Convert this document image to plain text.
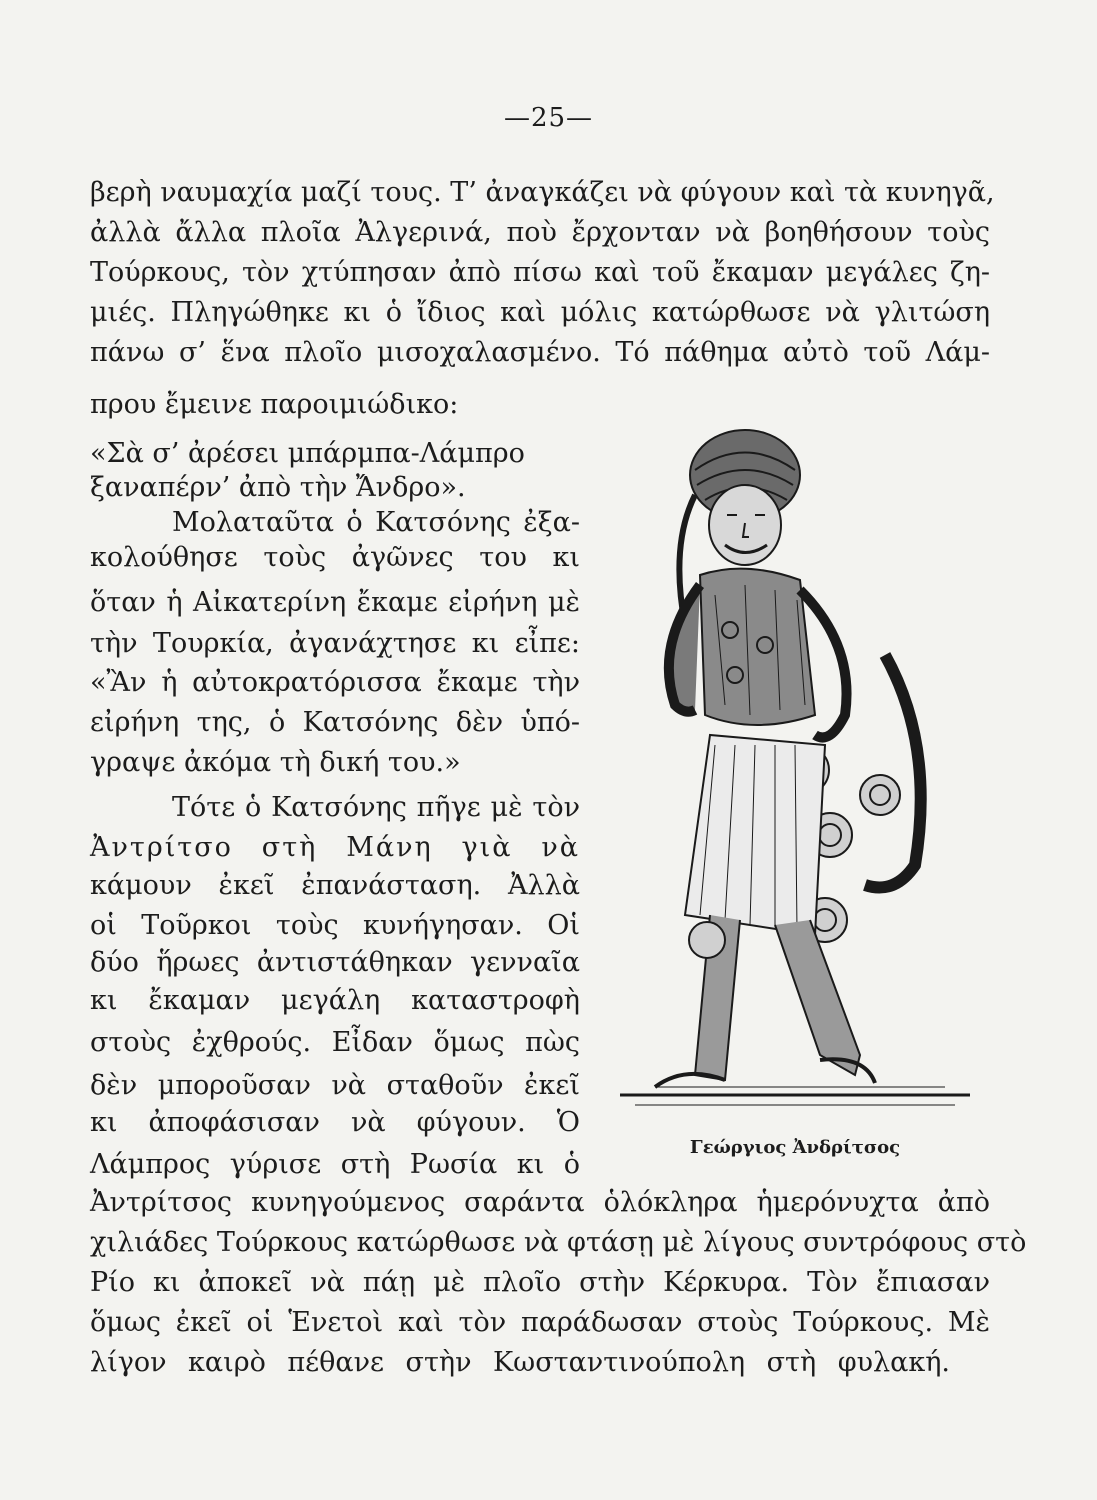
—25—
βερὴ ναυμαχία μαζί τους. Τ’ ἀναγκάζει νὰ φύγουν καὶ τὰ κυνηγᾶ,
ἀλλὰ ἄλλα πλοῖα Ἀλγερινά, ποὺ ἔρχονταν νὰ βοηθήσουν τοὺς
Τούρκους, τὸν χτύπησαν ἀπὸ πίσω καὶ τοῦ ἔκαμαν μεγάλες ζη-
μιές. Πληγώθηκε κι ὁ ἴδιος καὶ μόλις κατώρθωσε νὰ γλιτώση
πάνω σ’ ἕνα πλοῖο μισοχαλασμένο. Τό πάθημα αὐτὸ τοῦ Λάμ-
πρου ἔμεινε παροιμιώδικο:
«Σὰ σ’ ἀρέσει μπάρμπα-Λάμπρο
ξαναπέρν’ ἀπὸ τὴν Ἄνδρο».
Μολαταῦτα ὁ Κατσόνης ἐξα-
κολούθησε τοὺς ἀγῶνες του κι
ὅταν ἡ Αἰκατερίνη ἔκαμε εἰρήνη μὲ
τὴν Τουρκία, ἀγανάχτησε κι εἶπε:
«Ἂν ἡ αὐτοκρατόρισσα ἔκαμε τὴν
εἰρήνη της, ὁ Κατσόνης δὲν ὑπό-
γραψε ἀκόμα τὴ δική του.»
Τότε ὁ Κατσόνης πῆγε μὲ τὸν
Ἀντρίτσο στὴ Μάνη γιὰ νὰ
κάμουν ἐκεῖ ἐπανάσταση. Ἀλλὰ
οἱ Τοῦρκοι τοὺς κυνήγησαν. Οἱ
δύο ἥρωες ἀντιστάθηκαν γενναῖα
κι ἔκαμαν μεγάλη καταστροφὴ
στοὺς ἐχθρούς. Εἶδαν ὅμως πὼς
δὲν μποροῦσαν νὰ σταθοῦν ἐκεῖ
κι ἀποφάσισαν νὰ φύγουν. Ὁ
Λάμπρος γύρισε στὴ Ρωσία κι ὁ
Ἀντρίτσος κυνηγούμενος σαράντα ὁλόκληρα ἡμερόνυχτα ἀπὸ
χιλιάδες Τούρκους κατώρθωσε νὰ φτάσῃ μὲ λίγους συντρόφους στὸ
Ρίο κι ἀποκεῖ νὰ πάῃ μὲ πλοῖο στὴν Κέρκυρα. Τὸν ἔπιασαν
ὅμως ἐκεῖ οἱ Ἑνετοὶ καὶ τὸν παράδωσαν στοὺς Τούρκους. Μὲ
λίγον καιρὸ πέθανε στὴν Κωσταντινούπολη στὴ φυλακή.
Γεώργιος Ἀνδρίτσος
